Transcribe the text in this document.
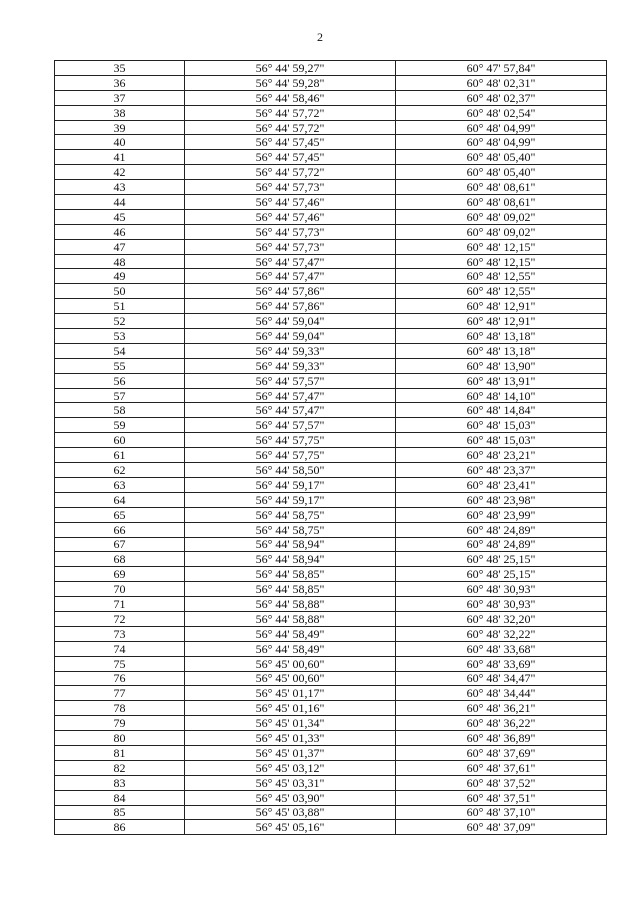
2
35	56° 44' 59,27"	60° 47' 57,84"
36	56° 44' 59,28"	60° 48' 02,31"
37	56° 44' 58,46"	60° 48' 02,37"
38	56° 44' 57,72"	60° 48' 02,54"
39	56° 44' 57,72"	60° 48' 04,99"
40	56° 44' 57,45"	60° 48' 04,99"
41	56° 44' 57,45"	60° 48' 05,40"
42	56° 44' 57,72"	60° 48' 05,40"
43	56° 44' 57,73"	60° 48' 08,61"
44	56° 44' 57,46"	60° 48' 08,61"
45	56° 44' 57,46"	60° 48' 09,02"
46	56° 44' 57,73"	60° 48' 09,02"
47	56° 44' 57,73"	60° 48' 12,15"
48	56° 44' 57,47"	60° 48' 12,15"
49	56° 44' 57,47"	60° 48' 12,55"
50	56° 44' 57,86"	60° 48' 12,55"
51	56° 44' 57,86"	60° 48' 12,91"
52	56° 44' 59,04"	60° 48' 12,91"
53	56° 44' 59,04"	60° 48' 13,18"
54	56° 44' 59,33"	60° 48' 13,18"
55	56° 44' 59,33"	60° 48' 13,90"
56	56° 44' 57,57"	60° 48' 13,91"
57	56° 44' 57,47"	60° 48' 14,10"
58	56° 44' 57,47"	60° 48' 14,84"
59	56° 44' 57,57"	60° 48' 15,03"
60	56° 44' 57,75"	60° 48' 15,03"
61	56° 44' 57,75"	60° 48' 23,21"
62	56° 44' 58,50"	60° 48' 23,37"
63	56° 44' 59,17"	60° 48' 23,41"
64	56° 44' 59,17"	60° 48' 23,98"
65	56° 44' 58,75"	60° 48' 23,99"
66	56° 44' 58,75"	60° 48' 24,89"
67	56° 44' 58,94"	60° 48' 24,89"
68	56° 44' 58,94"	60° 48' 25,15"
69	56° 44' 58,85"	60° 48' 25,15"
70	56° 44' 58,85"	60° 48' 30,93"
71	56° 44' 58,88"	60° 48' 30,93"
72	56° 44' 58,88"	60° 48' 32,20"
73	56° 44' 58,49"	60° 48' 32,22"
74	56° 44' 58,49"	60° 48' 33,68"
75	56° 45' 00,60"	60° 48' 33,69"
76	56° 45' 00,60"	60° 48' 34,47"
77	56° 45' 01,17"	60° 48' 34,44"
78	56° 45' 01,16"	60° 48' 36,21"
79	56° 45' 01,34"	60° 48' 36,22"
80	56° 45' 01,33"	60° 48' 36,89"
81	56° 45' 01,37"	60° 48' 37,69"
82	56° 45' 03,12"	60° 48' 37,61"
83	56° 45' 03,31"	60° 48' 37,52"
84	56° 45' 03,90"	60° 48' 37,51"
85	56° 45' 03,88"	60° 48' 37,10"
86	56° 45' 05,16"	60° 48' 37,09"
